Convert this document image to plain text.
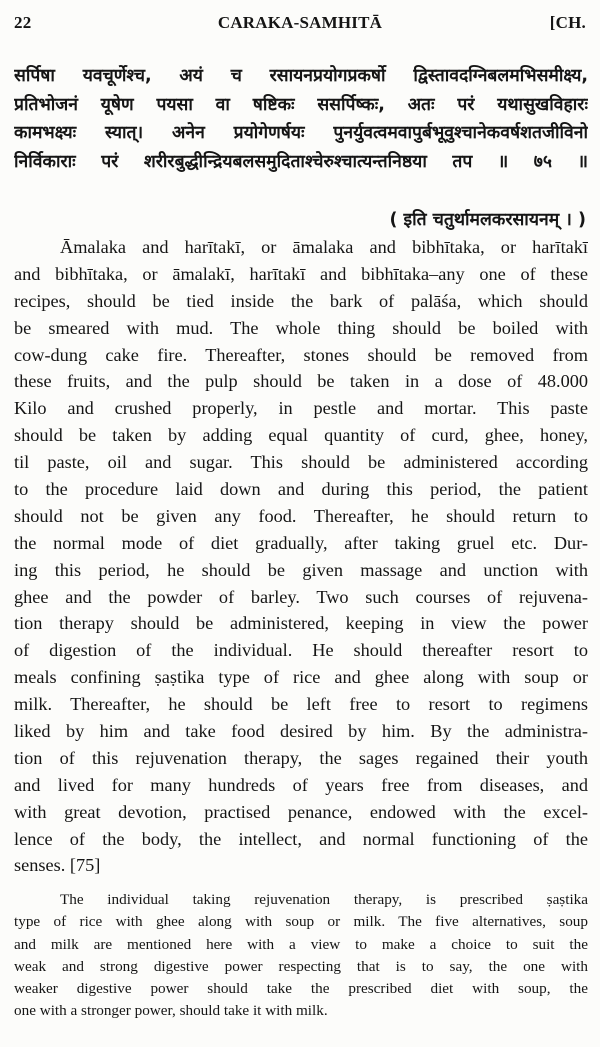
22	CARAKA-SAMHITĀ	[CH.
सर्पिषा यवचूर्णेश्च, अयं च रसायनप्रयोगप्रकर्षो द्विस्तावदग्निबलमभिसमीक्ष्य,
प्रतिभोजनं यूषेण पयसा वा षष्टिकः ससर्पिष्कः, अतः परं यथासुखविहारः
कामभक्ष्यः स्यात्। अनेन प्रयोगेणर्षयः पुनर्युवत्वमवापुर्बभूवुश्चानेकवर्षशतजीविनो
निर्विकाराः परं शरीरबुद्धीन्द्रियबलसमुदिताश्चेरुश्चात्यन्तनिष्ठया तप ॥ ७५ ॥
( इति चतुर्थामलकरसायनम् । )
Āmalaka and harītakī, or āmalaka and bibhītaka, or harītakī
and bibhītaka, or āmalakī, harītakī and bibhītaka–any one of these
recipes, should be tied inside the bark of palāśa, which should
be smeared with mud. The whole thing should be boiled with
cow-dung cake fire. Thereafter, stones should be removed from
these fruits, and the pulp should be taken in a dose of 48.000
Kilo and crushed properly, in pestle and mortar. This paste
should be taken by adding equal quantity of curd, ghee, honey,
til paste, oil and sugar. This should be administered according
to the procedure laid down and during this period, the patient
should not be given any food. Thereafter, he should return to
the normal mode of diet gradually, after taking gruel etc. Dur-
ing this period, he should be given massage and unction with
ghee and the powder of barley. Two such courses of rejuvena-
tion therapy should be administered, keeping in view the power
of digestion of the individual. He should thereafter resort to
meals confining ṣaṣtika type of rice and ghee along with soup or
milk. Thereafter, he should be left free to resort to regimens
liked by him and take food desired by him. By the administra-
tion of this rejuvenation therapy, the sages regained their youth
and lived for many hundreds of years free from diseases, and
with great devotion, practised penance, endowed with the excel-
lence of the body, the intellect, and normal functioning of the
senses. [75]
The individual taking rejuvenation therapy, is prescribed ṣaṣtika
type of rice with ghee along with soup or milk. The five alternatives, soup
and milk are mentioned here with a view to make a choice to suit the
weak and strong digestive power respecting that is to say, the one with
weaker digestive power should take the prescribed diet with soup, the
one with a stronger power, should take it with milk.
